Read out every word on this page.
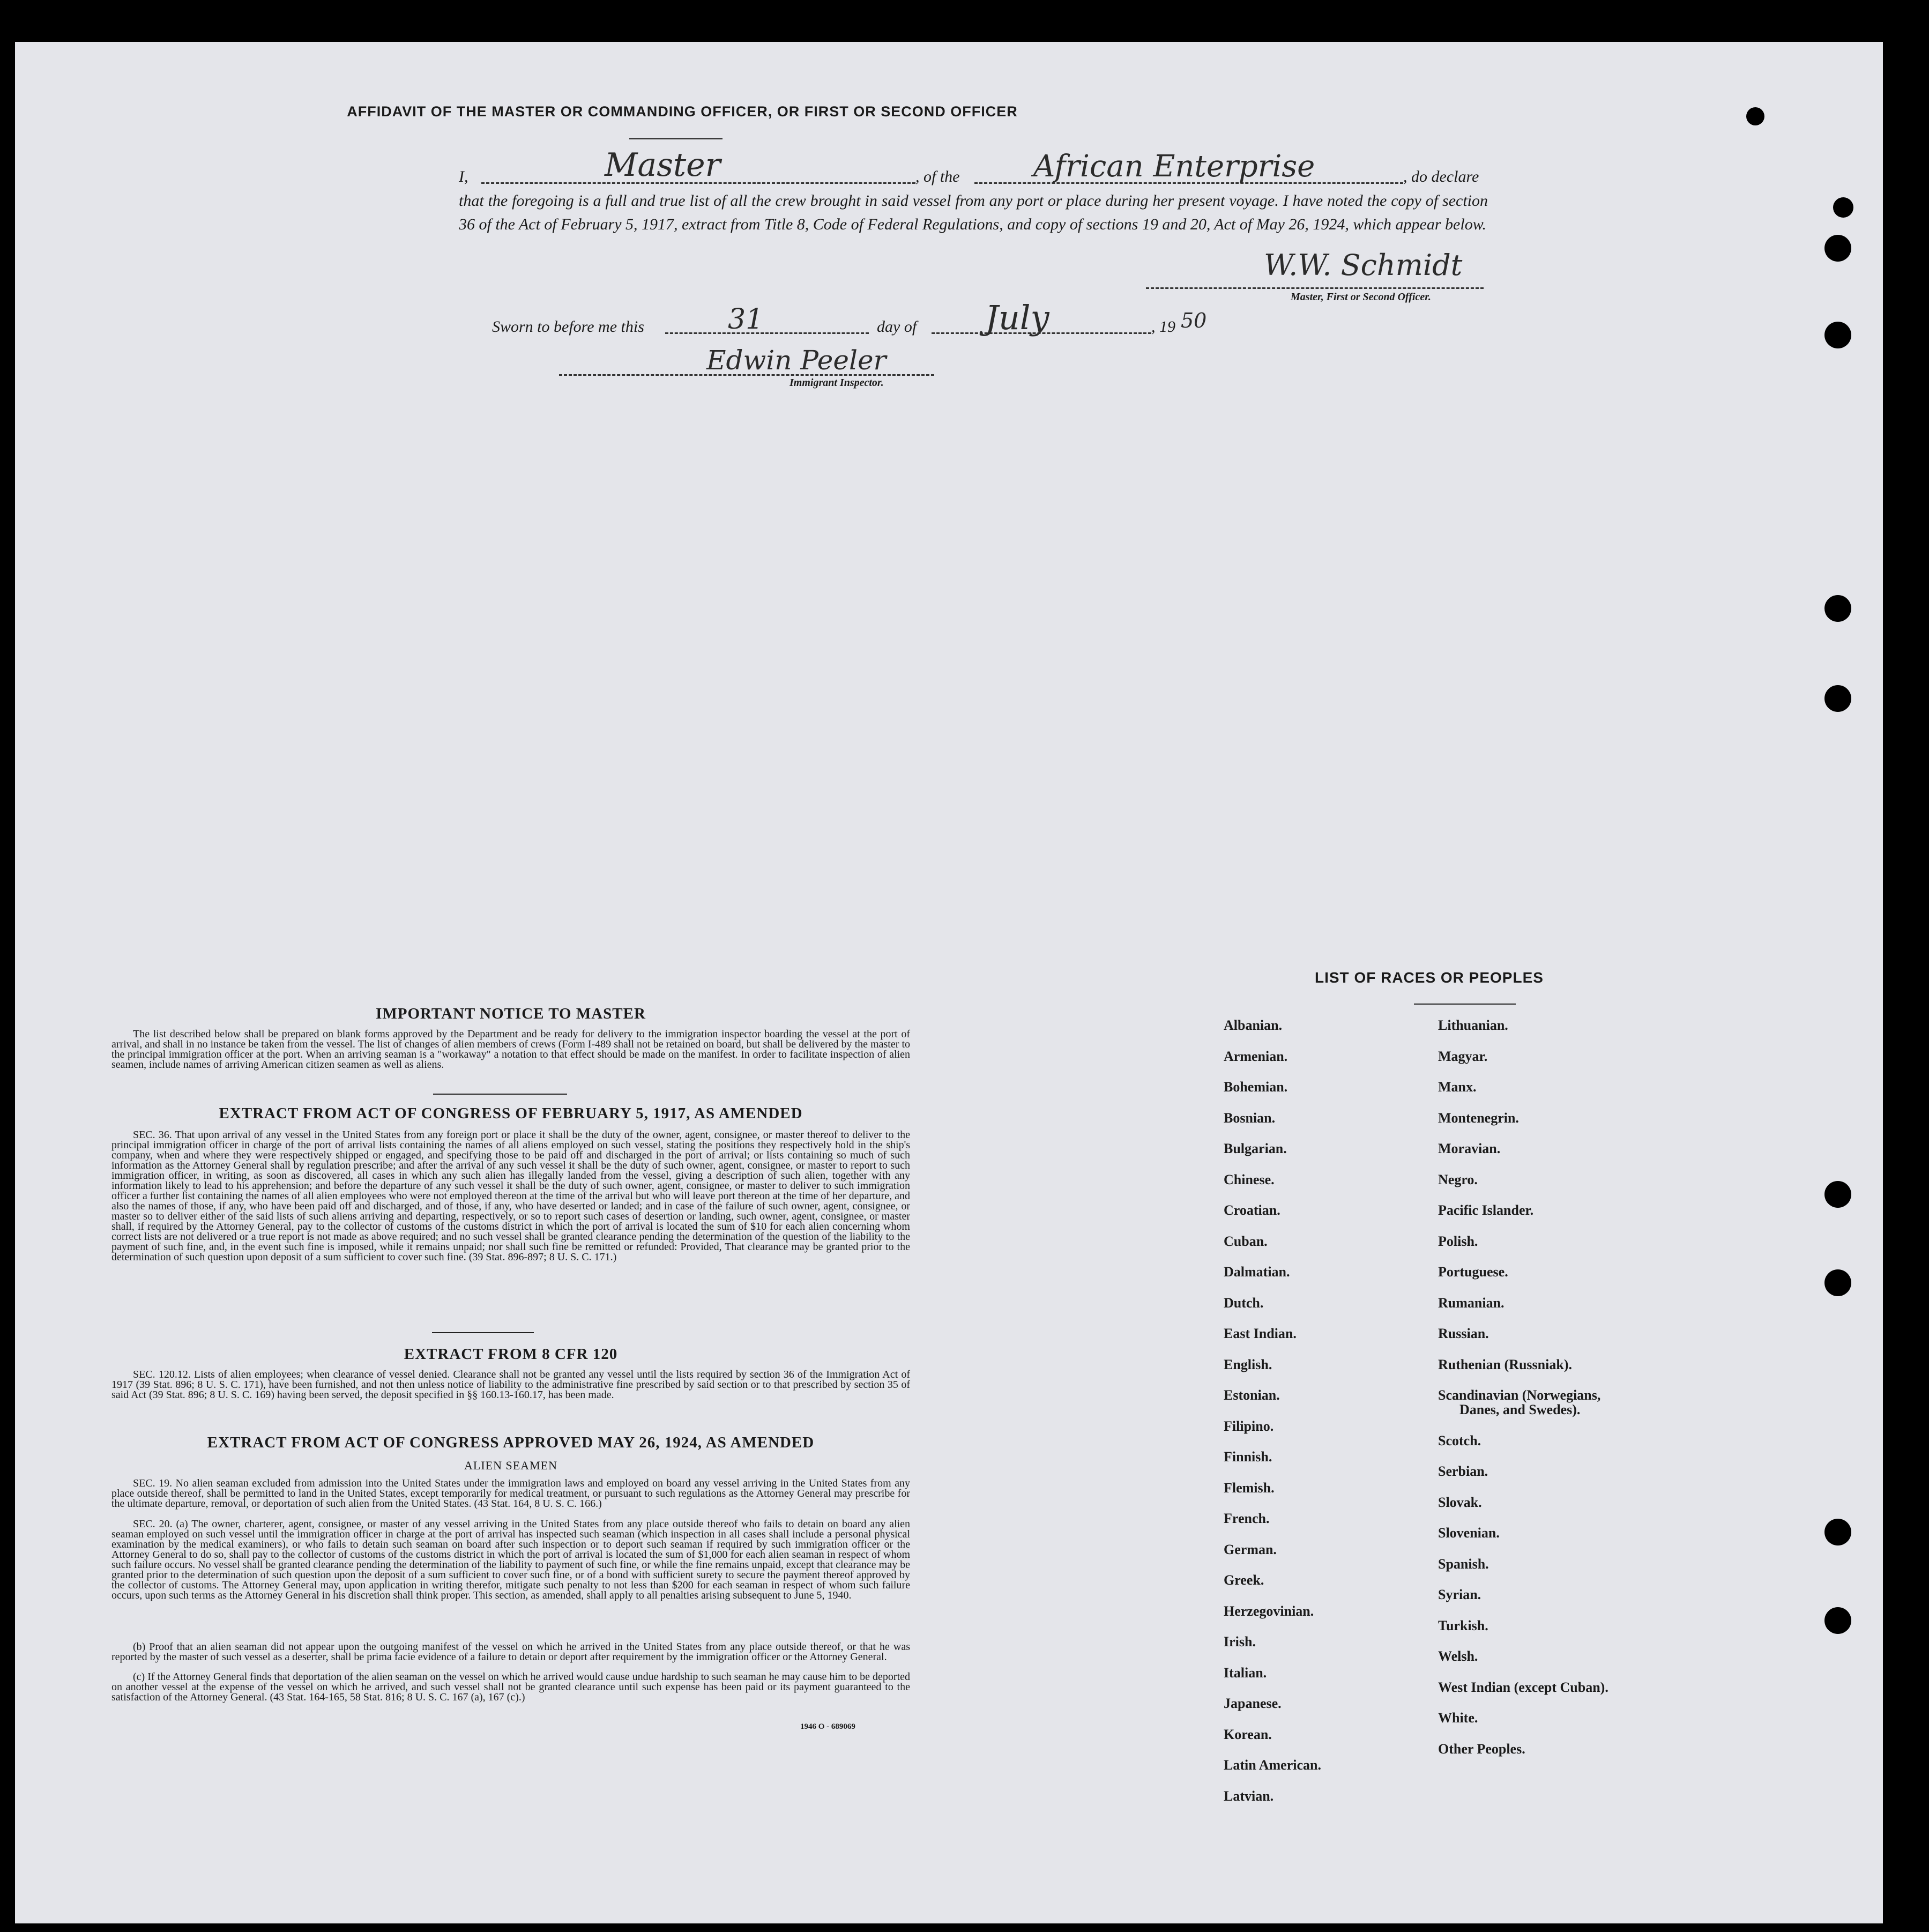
AFFIDAVIT OF THE MASTER OR COMMANDING OFFICER, OR FIRST OR SECOND OFFICER
I,	Master	, of the African Enterprise	, do declare
that the foregoing is a full and true list of all the crew brought in said vessel from any port or place during her present voyage. I have noted the copy of section 36 of the Act of February 5, 1917, extract from Title 8, Code of Federal Regulations, and copy of sections 19 and 20, Act of May 26, 1924, which appear below.
W.W. Schmidt
Master, First or Second Officer.
Sworn to before me this	31	day of July	, 19 50
Edwin Peeler
Immigrant Inspector.
IMPORTANT NOTICE TO MASTER
The list described below shall be prepared on blank forms approved by the Department and be ready for delivery to the immigration inspector boarding the vessel at the port of arrival, and shall in no instance be taken from the vessel. The list of changes of alien members of crews (Form I-489 shall not be retained on board, but shall be delivered by the master to the principal immigration officer at the port. When an arriving seaman is a "workaway" a notation to that effect should be made on the manifest. In order to facilitate inspection of alien seamen, include names of arriving American citizen seamen as well as aliens.
EXTRACT FROM ACT OF CONGRESS OF FEBRUARY 5, 1917, AS AMENDED
SEC. 36. That upon arrival of any vessel in the United States from any foreign port or place it shall be the duty of the owner, agent, consignee, or master thereof to deliver to the principal immigration officer in charge of the port of arrival lists containing the names of all aliens employed on such vessel, stating the positions they respectively hold in the ship's company, when and where they were respectively shipped or engaged, and specifying those to be paid off and discharged in the port of arrival; or lists containing so much of such information as the Attorney General shall by regulation prescribe; and after the arrival of any such vessel it shall be the duty of such owner, agent, consignee, or master to report to such immigration officer, in writing, as soon as discovered, all cases in which any such alien has illegally landed from the vessel, giving a description of such alien, together with any information likely to lead to his apprehension; and before the departure of any such vessel it shall be the duty of such owner, agent, consignee, or master to deliver to such immigration officer a further list containing the names of all alien employees who were not employed thereon at the time of the arrival but who will leave port thereon at the time of her departure, and also the names of those, if any, who have been paid off and discharged, and of those, if any, who have deserted or landed; and in case of the failure of such owner, agent, consignee, or master so to deliver either of the said lists of such aliens arriving and departing, respectively, or so to report such cases of desertion or landing, such owner, agent, consignee, or master shall, if required by the Attorney General, pay to the collector of customs of the customs district in which the port of arrival is located the sum of $10 for each alien concerning whom correct lists are not delivered or a true report is not made as above required; and no such vessel shall be granted clearance pending the determination of the question of the liability to the payment of such fine, and, in the event such fine is imposed, while it remains unpaid; nor shall such fine be remitted or refunded: Provided, That clearance may be granted prior to the determination of such question upon deposit of a sum sufficient to cover such fine. (39 Stat. 896-897; 8 U. S. C. 171.)
EXTRACT FROM 8 CFR 120
SEC. 120.12. Lists of alien employees; when clearance of vessel denied. Clearance shall not be granted any vessel until the lists required by section 36 of the Immigration Act of 1917 (39 Stat. 896; 8 U. S. C. 171), have been furnished, and not then unless notice of liability to the administrative fine prescribed by said section or to that prescribed by section 35 of said Act (39 Stat. 896; 8 U. S. C. 169) having been served, the deposit specified in §§ 160.13-160.17, has been made.
EXTRACT FROM ACT OF CONGRESS APPROVED MAY 26, 1924, AS AMENDED
ALIEN SEAMEN
SEC. 19. No alien seaman excluded from admission into the United States under the immigration laws and employed on board any vessel arriving in the United States from any place outside thereof, shall be permitted to land in the United States, except temporarily for medical treatment, or pursuant to such regulations as the Attorney General may prescribe for the ultimate departure, removal, or deportation of such alien from the United States. (43 Stat. 164, 8 U. S. C. 166.)
SEC. 20. (a) The owner, charterer, agent, consignee, or master of any vessel arriving in the United States from any place outside thereof who fails to detain on board any alien seaman employed on such vessel until the immigration officer in charge at the port of arrival has inspected such seaman (which inspection in all cases shall include a personal physical examination by the medical examiners), or who fails to detain such seaman on board after such inspection or to deport such seaman if required by such immigration officer or the Attorney General to do so, shall pay to the collector of customs of the customs district in which the port of arrival is located the sum of $1,000 for each alien seaman in respect of whom such failure occurs. No vessel shall be granted clearance pending the determination of the liability to payment of such fine, or while the fine remains unpaid, except that clearance may be granted prior to the determination of such question upon the deposit of a sum sufficient to cover such fine, or of a bond with sufficient surety to secure the payment thereof approved by the collector of customs. The Attorney General may, upon application in writing therefor, mitigate such penalty to not less than $200 for each seaman in respect of whom such failure occurs, upon such terms as the Attorney General in his discretion shall think proper. This section, as amended, shall apply to all penalties arising subsequent to June 5, 1940.
(b) Proof that an alien seaman did not appear upon the outgoing manifest of the vessel on which he arrived in the United States from any place outside thereof, or that he was reported by the master of such vessel as a deserter, shall be prima facie evidence of a failure to detain or deport after requirement by the immigration officer or the Attorney General.
(c) If the Attorney General finds that deportation of the alien seaman on the vessel on which he arrived would cause undue hardship to such seaman he may cause him to be deported on another vessel at the expense of the vessel on which he arrived, and such vessel shall not be granted clearance until such expense has been paid or its payment guaranteed to the satisfaction of the Attorney General. (43 Stat. 164-165, 58 Stat. 816; 8 U. S. C. 167 (a), 167 (c).)
1946 O - 689069
LIST OF RACES OR PEOPLES
Albanian.
Armenian.
Bohemian.
Bosnian.
Bulgarian.
Chinese.
Croatian.
Cuban.
Dalmatian.
Dutch.
East Indian.
English.
Estonian.
Filipino.
Finnish.
Flemish.
French.
German.
Greek.
Herzegovinian.
Irish.
Italian.
Japanese.
Korean.
Latin American.
Latvian.
Lithuanian.
Magyar.
Manx.
Montenegrin.
Moravian.
Negro.
Pacific Islander.
Polish.
Portuguese.
Rumanian.
Russian.
Ruthenian (Russniak).
Scandinavian (Norwegians,
Danes, and Swedes).
Scotch.
Serbian.
Slovak.
Slovenian.
Spanish.
Syrian.
Turkish.
Welsh.
West Indian (except Cuban).
White.
Other Peoples.
